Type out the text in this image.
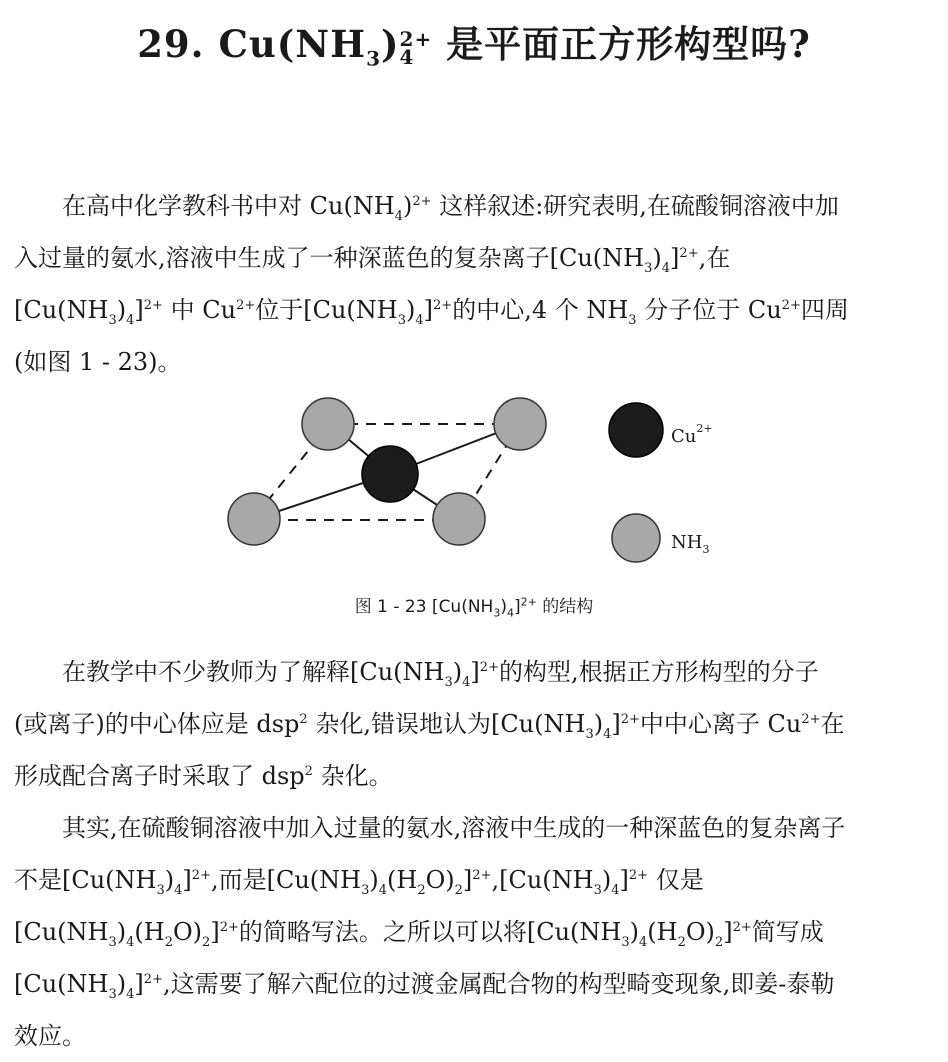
29. $Cu(NH_3)$ 2+
4 是平面正方形构型吗?
在高中化学教科书中对 $Cu(NH_4)^{2+}$ 这样叙述:研究表明,在硫酸铜溶液中加
入过量的氨水,溶液中生成了一种深蓝色的复杂离子$[Cu(NH_3)_4]^{2+}$,在
$[Cu(NH_3)_4]^{2+}$ 中 $Cu^{2+}$位于$[Cu(NH_3)_4]^{2+}$的中心,4 个 $NH_3$ 分子位于 $Cu^{2+}$四周
(如图 1 - 23)。
$Cu^{2+}$
$NH_3$
图 1 - 23 $[Cu(NH_3)_4]^{2+}$ 的结构
在教学中不少教师为了解释$[Cu(NH_3)_4]^{2+}$的构型,根据正方形构型的分子
(或离子)的中心体应是 dsp$^2$ 杂化,错误地认为$[Cu(NH_3)_4]^{2+}$中中心离子 $Cu^{2+}$在
形成配合离子时采取了 dsp$^2$ 杂化。
其实,在硫酸铜溶液中加入过量的氨水,溶液中生成的一种深蓝色的复杂离子
不是$[Cu(NH_3)_4]^{2+}$,而是$[Cu(NH_3)_4(H_2O)_2]^{2+},[Cu(NH_3)_4]^{2+}$ 仅是
$[Cu(NH_3)_4(H_2O)_2]^{2+}$的简略写法。之所以可以将$[Cu(NH_3)_4(H_2O)_2]^{2+}$简写成
$[Cu(NH_3)_4]^{2+}$,这需要了解六配位的过渡金属配合物的构型畸变现象,即姜-泰勒
效应。
